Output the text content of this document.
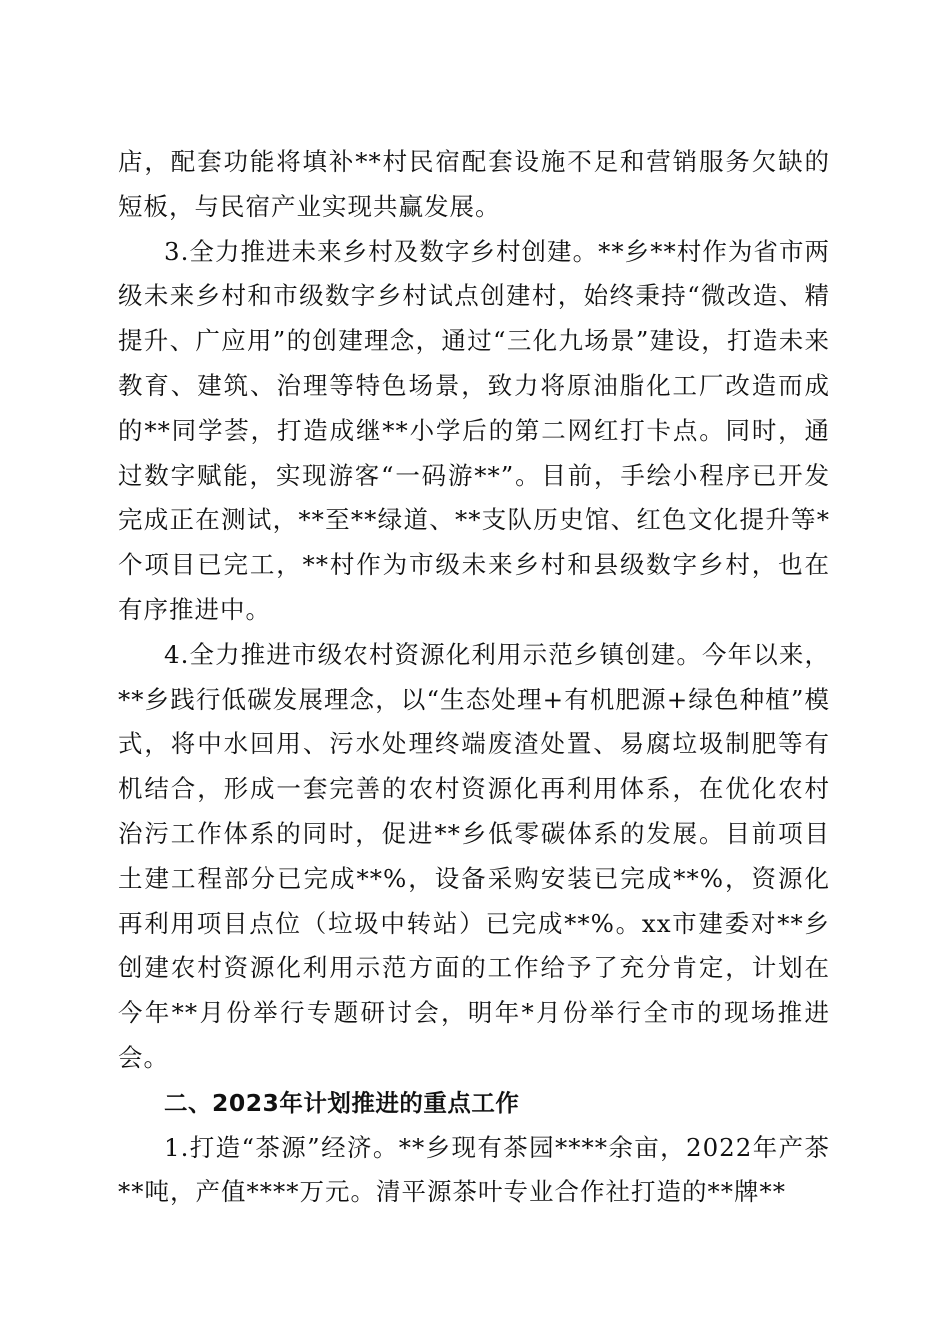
店，配套功能将填补**村民宿配套设施不足和营销服务欠缺的短板，与民宿产业实现共赢发展。

3.全力推进未来乡村及数字乡村创建。**乡**村作为省市两级未来乡村和市级数字乡村试点创建村，始终秉持“微改造、精提升、广应用”的创建理念，通过“三化九场景”建设，打造未来教育、建筑、治理等特色场景，致力将原油脂化工厂改造而成的**同学荟，打造成继**小学后的第二网红打卡点。同时，通过数字赋能，实现游客“一码游**”。目前，手绘小程序已开发完成正在测试，**至**绿道、**支队历史馆、红色文化提升等*个项目已完工，**村作为市级未来乡村和县级数字乡村，也在有序推进中。

4.全力推进市级农村资源化利用示范乡镇创建。今年以来，**乡践行低碳发展理念，以“生态处理+有机肥源+绿色种植”模式，将中水回用、污水处理终端废渣处置、易腐垃圾制肥等有机结合，形成一套完善的农村资源化再利用体系，在优化农村治污工作体系的同时，促进**乡低零碳体系的发展。目前项目土建工程部分已完成**%，设备采购安装已完成**%，资源化再利用项目点位（垃圾中转站）已完成**%。xx市建委对**乡创建农村资源化利用示范方面的工作给予了充分肯定，计划在今年**月份举行专题研讨会，明年*月份举行全市的现场推进会。

二、2023年计划推进的重点工作

1.打造“茶源”经济。**乡现有茶园****余亩，2022年产茶**吨，产值****万元。清平源茶叶专业合作社打造的**牌**
